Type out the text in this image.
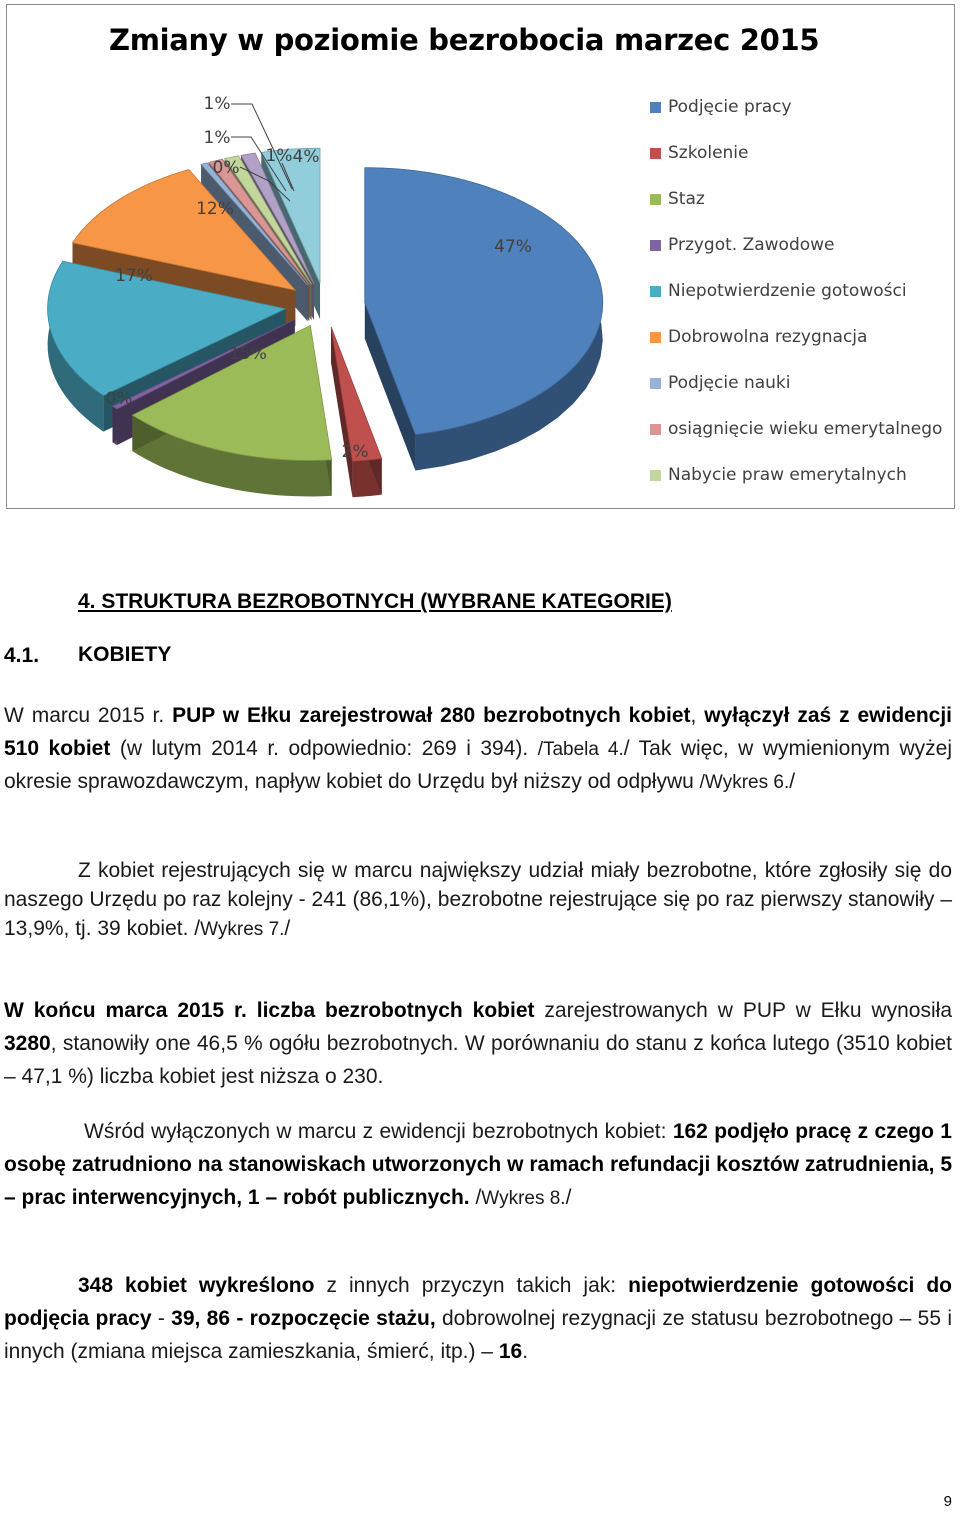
Zmiany w poziomie bezrobocia marzec 2015
47%
2%
15%
0%
17%
12%
0%
1%
1%
1% 4%
Podjęcie pracy
Szkolenie
Staz
Przygot. Zawodowe
Niepotwierdzenie gotowości
Dobrowolna rezygnacja
Podjęcie nauki
osiągnięcie wieku emerytalnego
Nabycie praw emerytalnych
4. STRUKTURA BEZROBOTNYCH (WYBRANE KATEGORIE)
4.1. KOBIETY

W marcu 2015 r. PUP w Ełku zarejestrował 280 bezrobotnych kobiet, wyłączył zaś z ewidencji 510 kobiet (w lutym 2014 r. odpowiednio: 269 i 394). /Tabela 4./ Tak więc, w wymienionym wyżej okresie sprawozdawczym, napływ kobiet do Urzędu był niższy od odpływu /Wykres 6./

Z kobiet rejestrujących się w marcu największy udział miały bezrobotne, które zgłosiły się do naszego Urzędu po raz kolejny - 241 (86,1%), bezrobotne rejestrujące się po raz pierwszy stanowiły – 13,9%, tj. 39 kobiet. /Wykres 7./

W końcu marca 2015 r. liczba bezrobotnych kobiet zarejestrowanych w PUP w Ełku wynosiła 3280, stanowiły one 46,5 % ogółu bezrobotnych. W porównaniu do stanu z końca lutego (3510 kobiet – 47,1 %) liczba kobiet jest niższa o 230.

Wśród wyłączonych w marcu z ewidencji bezrobotnych kobiet: 162 podjęło pracę z czego 1 osobę zatrudniono na stanowiskach utworzonych w ramach refundacji kosztów zatrudnienia, 5 – prac interwencyjnych, 1 – robót publicznych. /Wykres 8./

348 kobiet wykreślono z innych przyczyn takich jak: niepotwierdzenie gotowości do podjęcia pracy - 39, 86 - rozpoczęcie stażu, dobrowolnej rezygnacji ze statusu bezrobotnego – 55 i innych (zmiana miejsca zamieszkania, śmierć, itp.) – 16.

9
